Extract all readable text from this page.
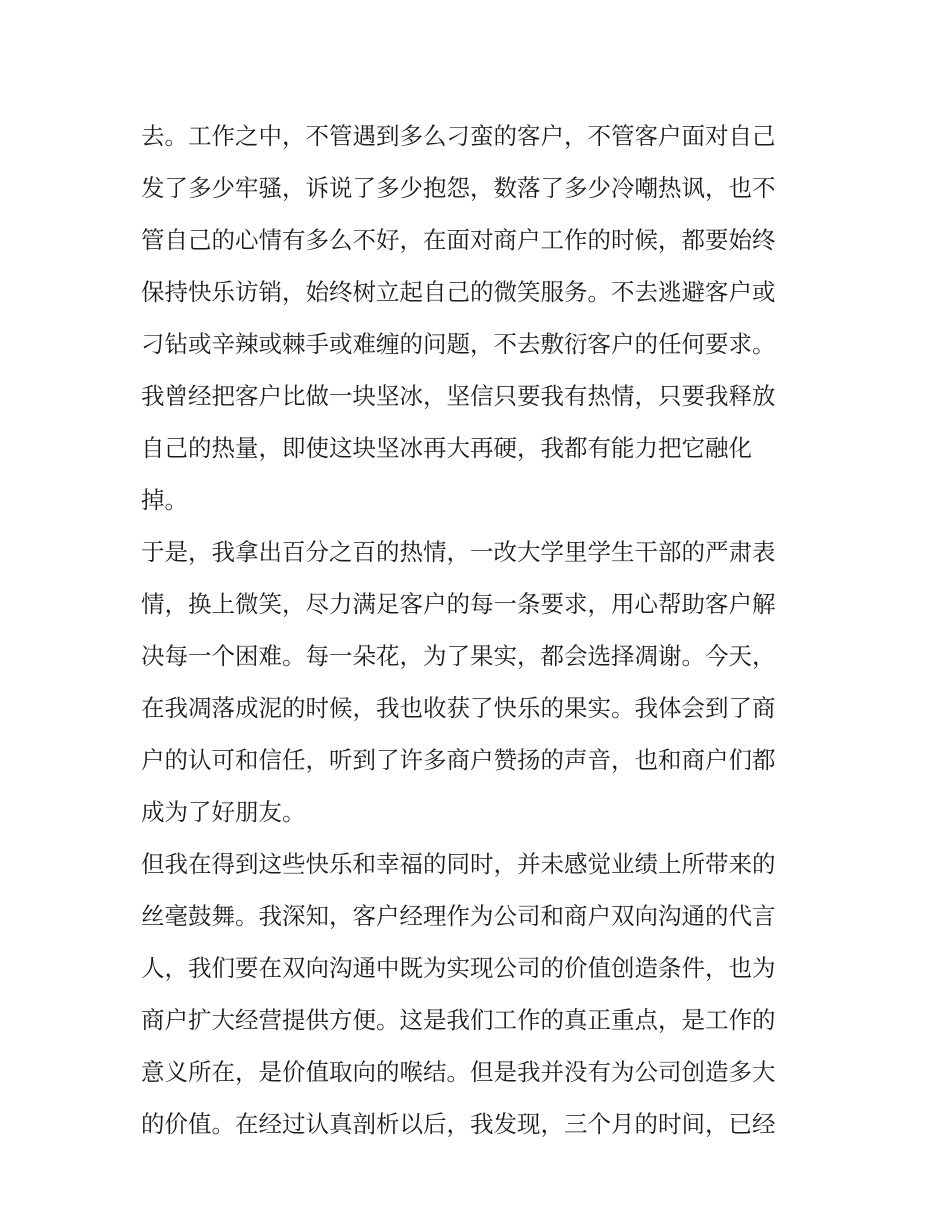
去。工作之中，不管遇到多么刁蛮的客户，不管客户面对自己
发了多少牢骚，诉说了多少抱怨，数落了多少冷嘲热讽，也不
管自己的心情有多么不好，在面对商户工作的时候，都要始终
保持快乐访销，始终树立起自己的微笑服务。不去逃避客户或
刁钻或辛辣或棘手或难缠的问题，不去敷衍客户的任何要求。
我曾经把客户比做一块坚冰，坚信只要我有热情，只要我释放
自己的热量，即使这块坚冰再大再硬，我都有能力把它融化
掉。
于是，我拿出百分之百的热情，一改大学里学生干部的严肃表
情，换上微笑，尽力满足客户的每一条要求，用心帮助客户解
决每一个困难。每一朵花，为了果实，都会选择凋谢。今天，
在我凋落成泥的时候，我也收获了快乐的果实。我体会到了商
户的认可和信任，听到了许多商户赞扬的声音，也和商户们都
成为了好朋友。
但我在得到这些快乐和幸福的同时，并未感觉业绩上所带来的
丝毫鼓舞。我深知，客户经理作为公司和商户双向沟通的代言
人，我们要在双向沟通中既为实现公司的价值创造条件，也为
商户扩大经营提供方便。这是我们工作的真正重点，是工作的
意义所在，是价值取向的喉结。但是我并没有为公司创造多大
的价值。在经过认真剖析以后，我发现，三个月的时间，已经
